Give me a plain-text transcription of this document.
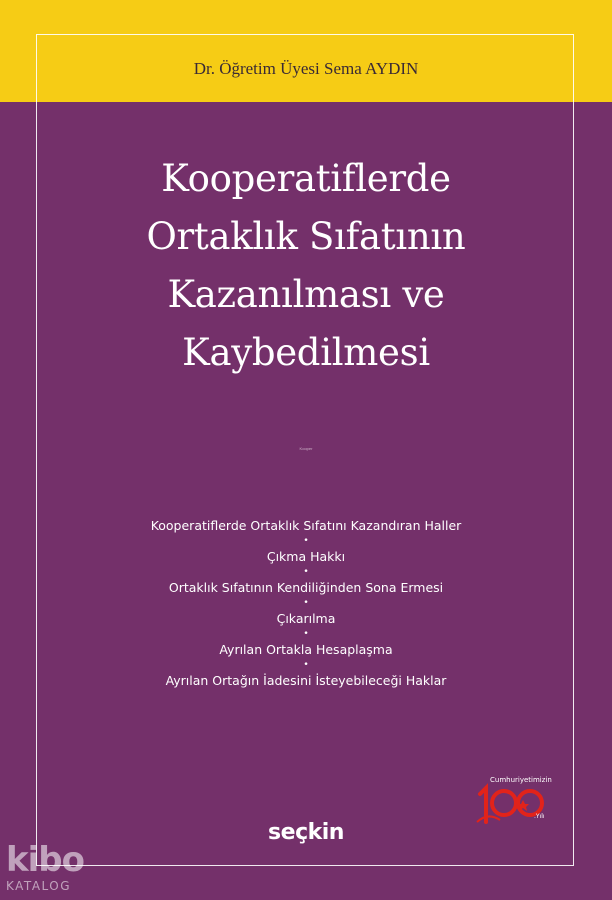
Dr. Öğretim Üyesi Sema AYDIN
Kooperatiflerde
Ortaklık Sıfatının
Kazanılması ve
Kaybedilmesi
Kooper
Kooperatiflerde Ortaklık Sıfatını Kazandıran Haller
•
Çıkma Hakkı
•
Ortaklık Sıfatının Kendiliğinden Sona Ermesi
•
Çıkarılma
•
Ayrılan Ortakla Hesaplaşma
•
Ayrılan Ortağın İadesini İsteyebileceği Haklar
Cumhuriyetimizin
.Yılı
seçkin
kibo
KATALOG
